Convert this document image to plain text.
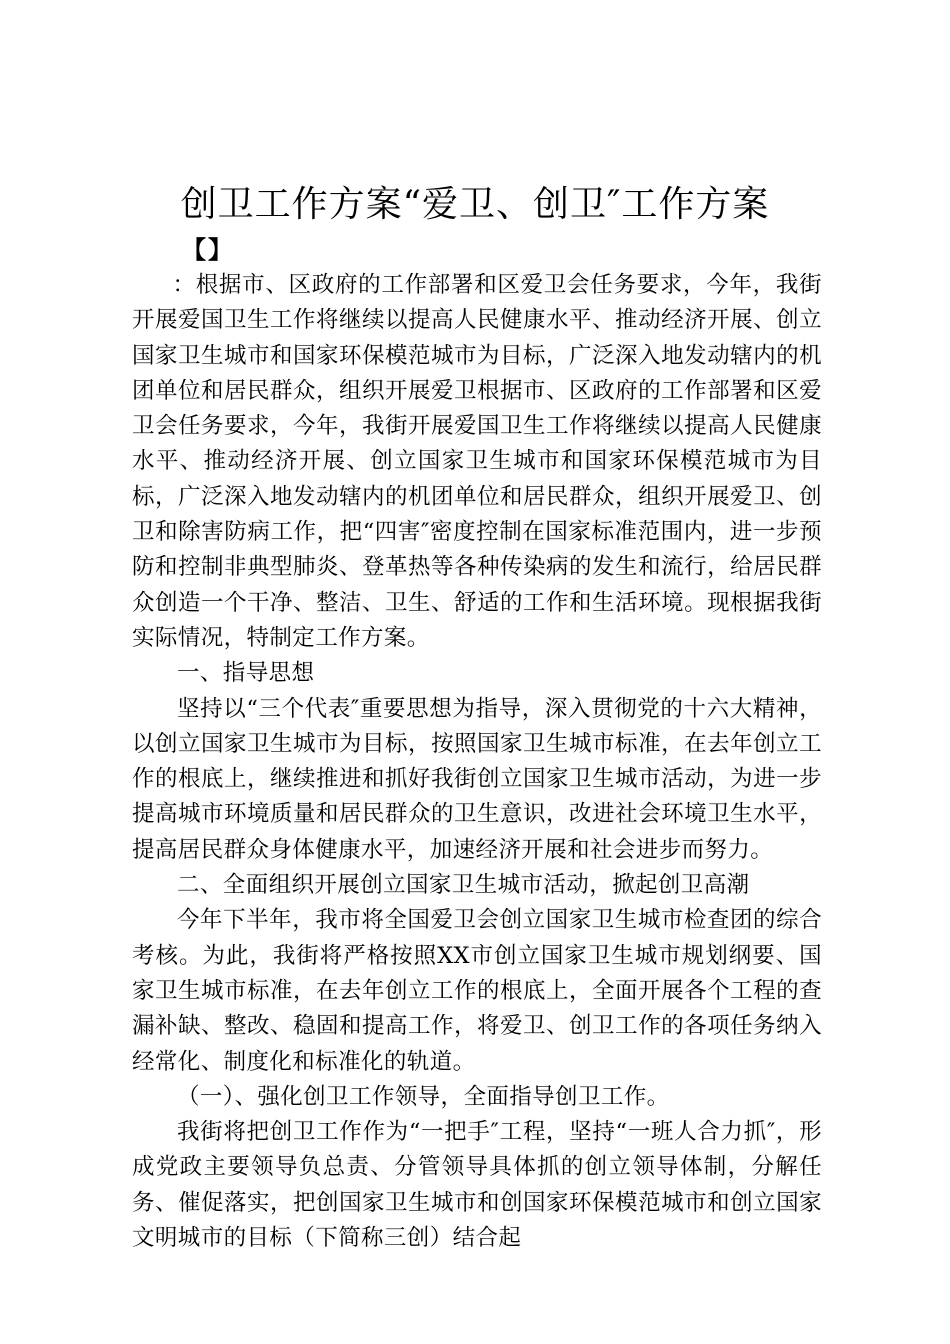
创卫工作方案“爱卫、创卫″工作方案
【】

：根据市、区政府的工作部署和区爱卫会任务要求，今年，我街开展爱国卫生工作将继续以提高人民健康水平、推动经济开展、创立国家卫生城市和国家环保模范城市为目标，广泛深入地发动辖内的机团单位和居民群众，组织开展爱卫根据市、区政府的工作部署和区爱卫会任务要求，今年，我街开展爱国卫生工作将继续以提高人民健康水平、推动经济开展、创立国家卫生城市和国家环保模范城市为目标，广泛深入地发动辖内的机团单位和居民群众，组织开展爱卫、创卫和除害防病工作，把“四害″密度控制在国家标准范围内，进一步预防和控制非典型肺炎、登革热等各种传染病的发生和流行，给居民群众创造一个干净、整洁、卫生、舒适的工作和生活环境。现根据我街实际情况，特制定工作方案。

一、指导思想

坚持以“三个代表″重要思想为指导，深入贯彻党的十六大精神，以创立国家卫生城市为目标，按照国家卫生城市标准，在去年创立工作的根底上，继续推进和抓好我街创立国家卫生城市活动，为进一步提高城市环境质量和居民群众的卫生意识，改进社会环境卫生水平，提高居民群众身体健康水平，加速经济开展和社会进步而努力。

二、全面组织开展创立国家卫生城市活动，掀起创卫高潮

今年下半年，我市将全国爱卫会创立国家卫生城市检查团的综合考核。为此，我街将严格按照XX市创立国家卫生城市规划纲要、国家卫生城市标准，在去年创立工作的根底上，全面开展各个工程的查漏补缺、整改、稳固和提高工作，将爱卫、创卫工作的各项任务纳入经常化、制度化和标准化的轨道。

（一）、强化创卫工作领导，全面指导创卫工作。

我街将把创卫工作作为“一把手″工程，坚持“一班人合力抓″，形成党政主要领导负总责、分管领导具体抓的创立领导体制，分解任务、催促落实，把创国家卫生城市和创国家环保模范城市和创立国家文明城市的目标（下简称三创）结合起
